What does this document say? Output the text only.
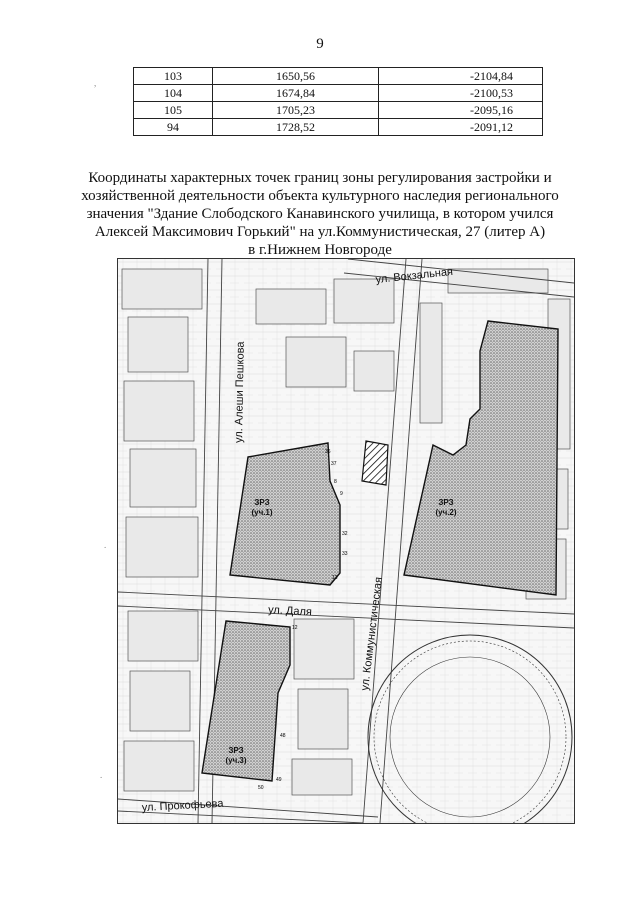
9
103	1650,56	-2104,84
104	1674,84	-2100,53
105	1705,23	-2095,16
94	1728,52	-2091,12
Координаты характерных точек границ зоны регулирования застройки и
хозяйственной деятельности объекта культурного наследия регионального
значения "Здание Слободского Канавинского училища, в котором учился
Алексей Максимович Горький" на ул.Коммунистическая, 27 (литер А)
в г.Нижнем Новгороде
,
.
.
ул. Вокзальная
ул. Алеши Пешкова
ул. Даля	ул. Коммунистическая
ул. Прокофьева
ЗРЗ
(уч.1)
ЗРЗ
(уч.2)
ЗРЗ
(уч.3)
36
37
8
9
32
33
13
12
48
49
50
